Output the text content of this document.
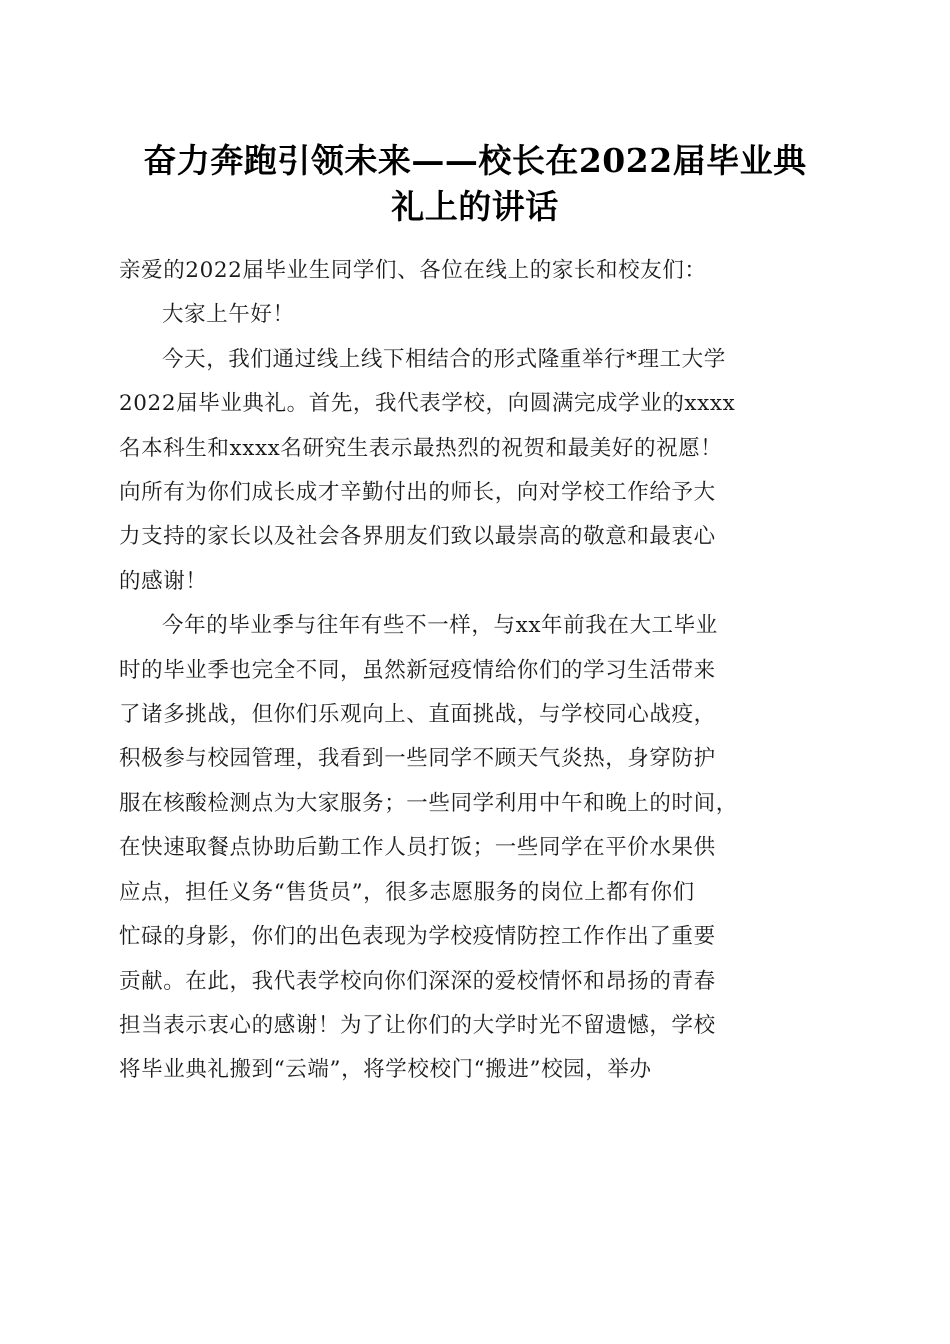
奋力奔跑引领未来——校长在2022届毕业典
礼上的讲话

亲爱的2022届毕业生同学们、各位在线上的家长和校友们：

大家上午好！

今天，我们通过线上线下相结合的形式隆重举行*理工大学
2022届毕业典礼。首先，我代表学校，向圆满完成学业的xxxx
名本科生和xxxx名研究生表示最热烈的祝贺和最美好的祝愿！
向所有为你们成长成才辛勤付出的师长，向对学校工作给予大
力支持的家长以及社会各界朋友们致以最崇高的敬意和最衷心
的感谢！

今年的毕业季与往年有些不一样，与xx年前我在大工毕业
时的毕业季也完全不同，虽然新冠疫情给你们的学习生活带来
了诸多挑战，但你们乐观向上、直面挑战，与学校同心战疫，
积极参与校园管理，我看到一些同学不顾天气炎热，身穿防护
服在核酸检测点为大家服务；一些同学利用中午和晚上的时间，
在快速取餐点协助后勤工作人员打饭；一些同学在平价水果供
应点，担任义务“售货员”，很多志愿服务的岗位上都有你们
忙碌的身影，你们的出色表现为学校疫情防控工作作出了重要
贡献。在此，我代表学校向你们深深的爱校情怀和昂扬的青春
担当表示衷心的感谢！为了让你们的大学时光不留遗憾，学校
将毕业典礼搬到“云端”，将学校校门“搬进”校园，举办
